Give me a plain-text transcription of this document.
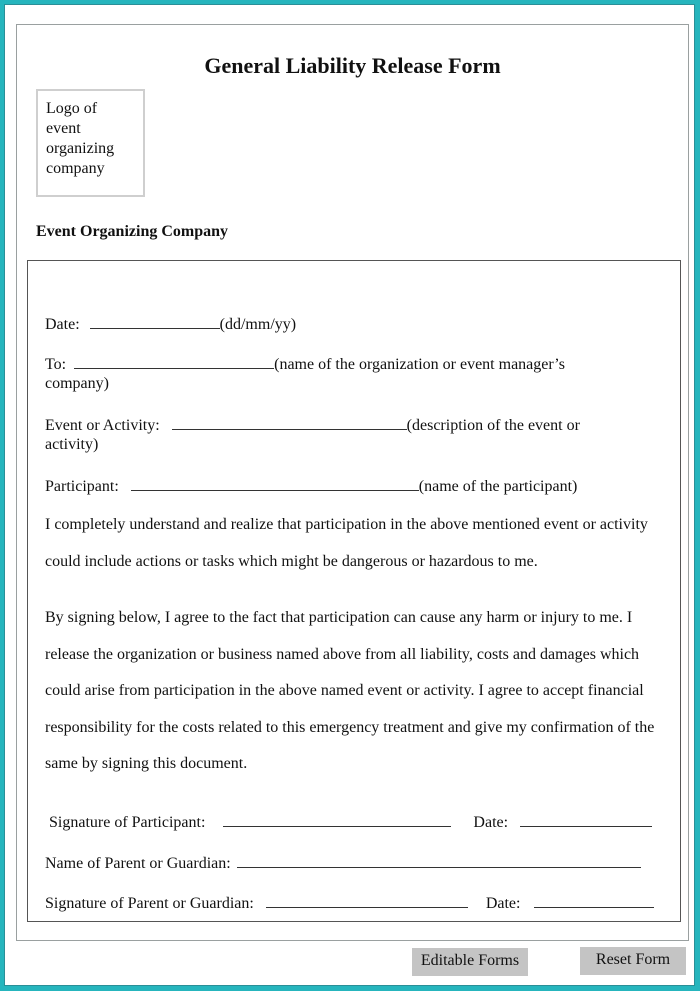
General Liability Release Form
Logo of
event
organizing
company
Event Organizing Company
Date:	(dd/mm/yy)
To:	(name of the organization or event manager’s
company)
Event or Activity:	(description of the event or
activity)
Participant:	(name of the participant)
I completely understand and realize that participation in the above mentioned event or activity could include actions or tasks which might be dangerous or hazardous to me.
By signing below, I agree to the fact that participation can cause any harm or injury to me. I release the organization or business named above from all liability, costs and damages which could arise from participation in the above named event or activity. I agree to accept financial responsibility for the costs related to this emergency treatment and give my confirmation of the same by signing this document.
Signature of Participant:	Date:
Name of Parent or Guardian:
Signature of Parent or Guardian:	Date:
Editable Forms	Reset Form
